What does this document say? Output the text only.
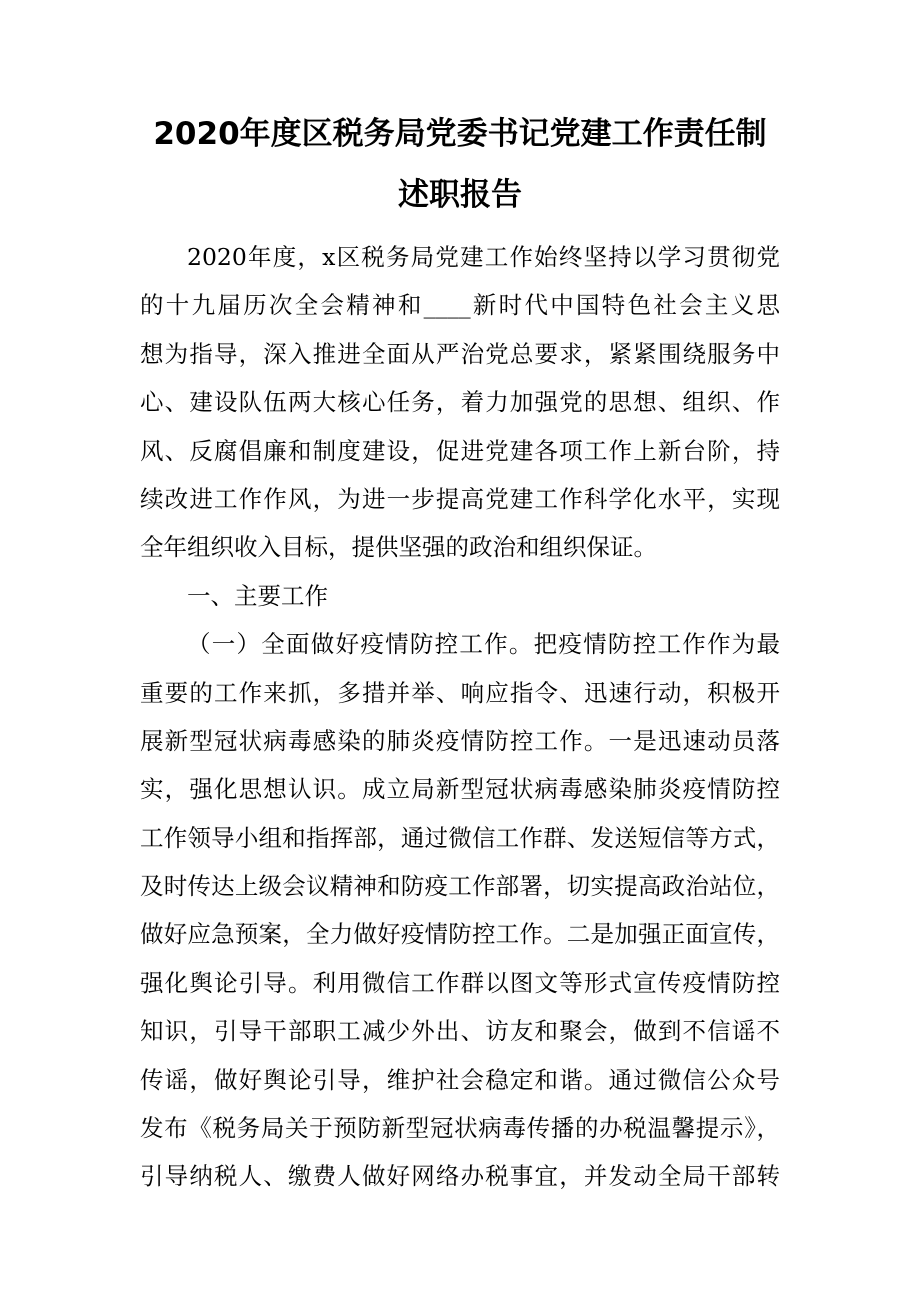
2020年度区税务局党委书记党建工作责任制
述职报告
2020年度，x区税务局党建工作始终坚持以学习贯彻党
的十九届历次全会精神和____新时代中国特色社会主义思
想为指导，深入推进全面从严治党总要求，紧紧围绕服务中
心、建设队伍两大核心任务，着力加强党的思想、组织、作
风、反腐倡廉和制度建设，促进党建各项工作上新台阶，持
续改进工作作风，为进一步提高党建工作科学化水平，实现
全年组织收入目标，提供坚强的政治和组织保证。
一、主要工作
（一）全面做好疫情防控工作。把疫情防控工作作为最
重要的工作来抓，多措并举、响应指令、迅速行动，积极开
展新型冠状病毒感染的肺炎疫情防控工作。一是迅速动员落
实，强化思想认识。成立局新型冠状病毒感染肺炎疫情防控
工作领导小组和指挥部，通过微信工作群、发送短信等方式，
及时传达上级会议精神和防疫工作部署，切实提高政治站位，
做好应急预案，全力做好疫情防控工作。二是加强正面宣传，
强化舆论引导。利用微信工作群以图文等形式宣传疫情防控
知识，引导干部职工减少外出、访友和聚会，做到不信谣不
传谣，做好舆论引导，维护社会稳定和谐。通过微信公众号
发布《税务局关于预防新型冠状病毒传播的办税温馨提示》，
引导纳税人、缴费人做好网络办税事宜，并发动全局干部转
